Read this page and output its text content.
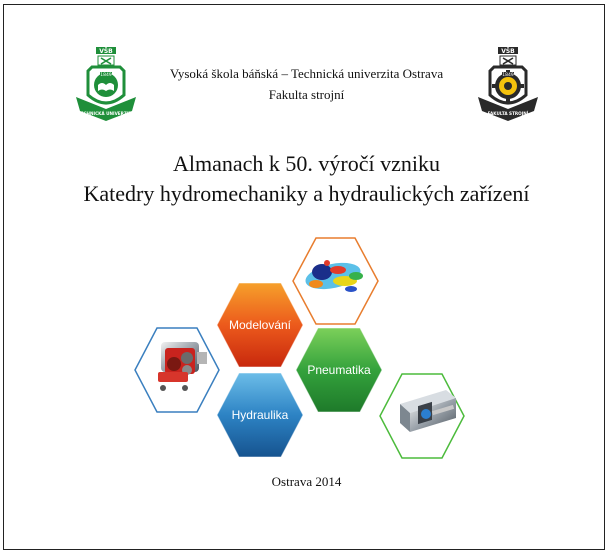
VŠB
1849
TECHNICKÁ UNIVERZITA
VŠB
1849
FAKULTA STROJNÍ
Vysoká škola báňská – Technická univerzita Ostrava
Fakulta strojní
Almanach k 50. výročí vzniku
Katedry hydromechaniky a hydraulických zařízení
Modelování
Pneumatika
Hydraulika
Ostrava 2014
